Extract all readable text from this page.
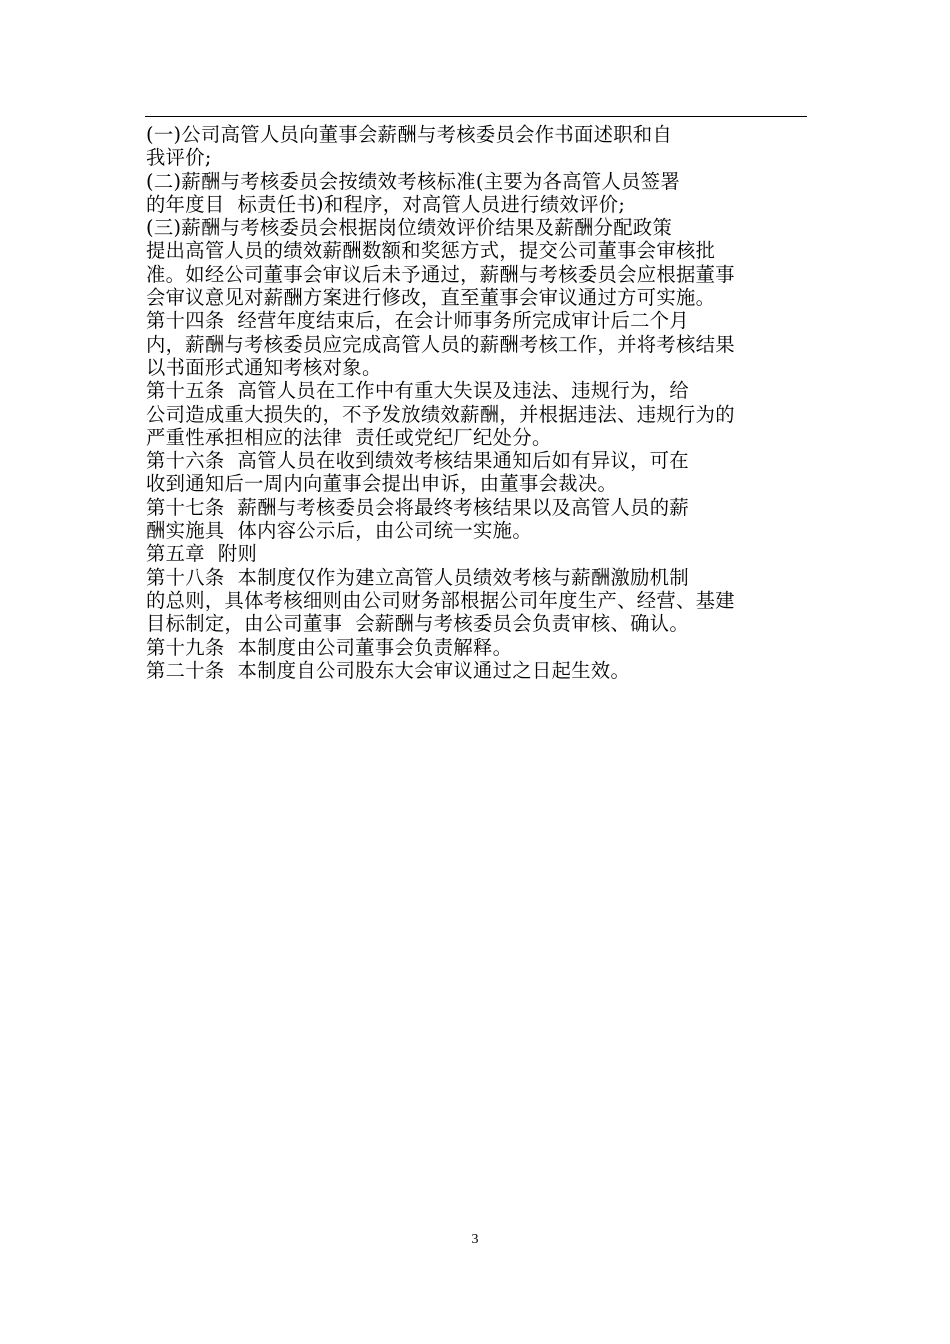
(一)公司高管人员向董事会薪酬与考核委员会作书面述职和自
我评价;
(二)薪酬与考核委员会按绩效考核标准(主要为各高管人员签署
的年度目  标责任书)和程序，对高管人员进行绩效评价;
(三)薪酬与考核委员会根据岗位绩效评价结果及薪酬分配政策
提出高管人员的绩效薪酬数额和奖惩方式，提交公司董事会审核批
准。如经公司董事会审议后未予通过，薪酬与考核委员会应根据董事
会审议意见对薪酬方案进行修改，直至董事会审议通过方可实施。
第十四条  经营年度结束后，在会计师事务所完成审计后二个月
内，薪酬与考核委员应完成高管人员的薪酬考核工作，并将考核结果
以书面形式通知考核对象。
第十五条  高管人员在工作中有重大失误及违法、违规行为，给
公司造成重大损失的，不予发放绩效薪酬，并根据违法、违规行为的
严重性承担相应的法律  责任或党纪厂纪处分。
第十六条  高管人员在收到绩效考核结果通知后如有异议，可在
收到通知后一周内向董事会提出申诉，由董事会裁决。
第十七条  薪酬与考核委员会将最终考核结果以及高管人员的薪
酬实施具  体内容公示后，由公司统一实施。
第五章  附则
第十八条  本制度仅作为建立高管人员绩效考核与薪酬激励机制
的总则，具体考核细则由公司财务部根据公司年度生产、经营、基建
目标制定，由公司董事  会薪酬与考核委员会负责审核、确认。
第十九条  本制度由公司董事会负责解释。
第二十条  本制度自公司股东大会审议通过之日起生效。
3
